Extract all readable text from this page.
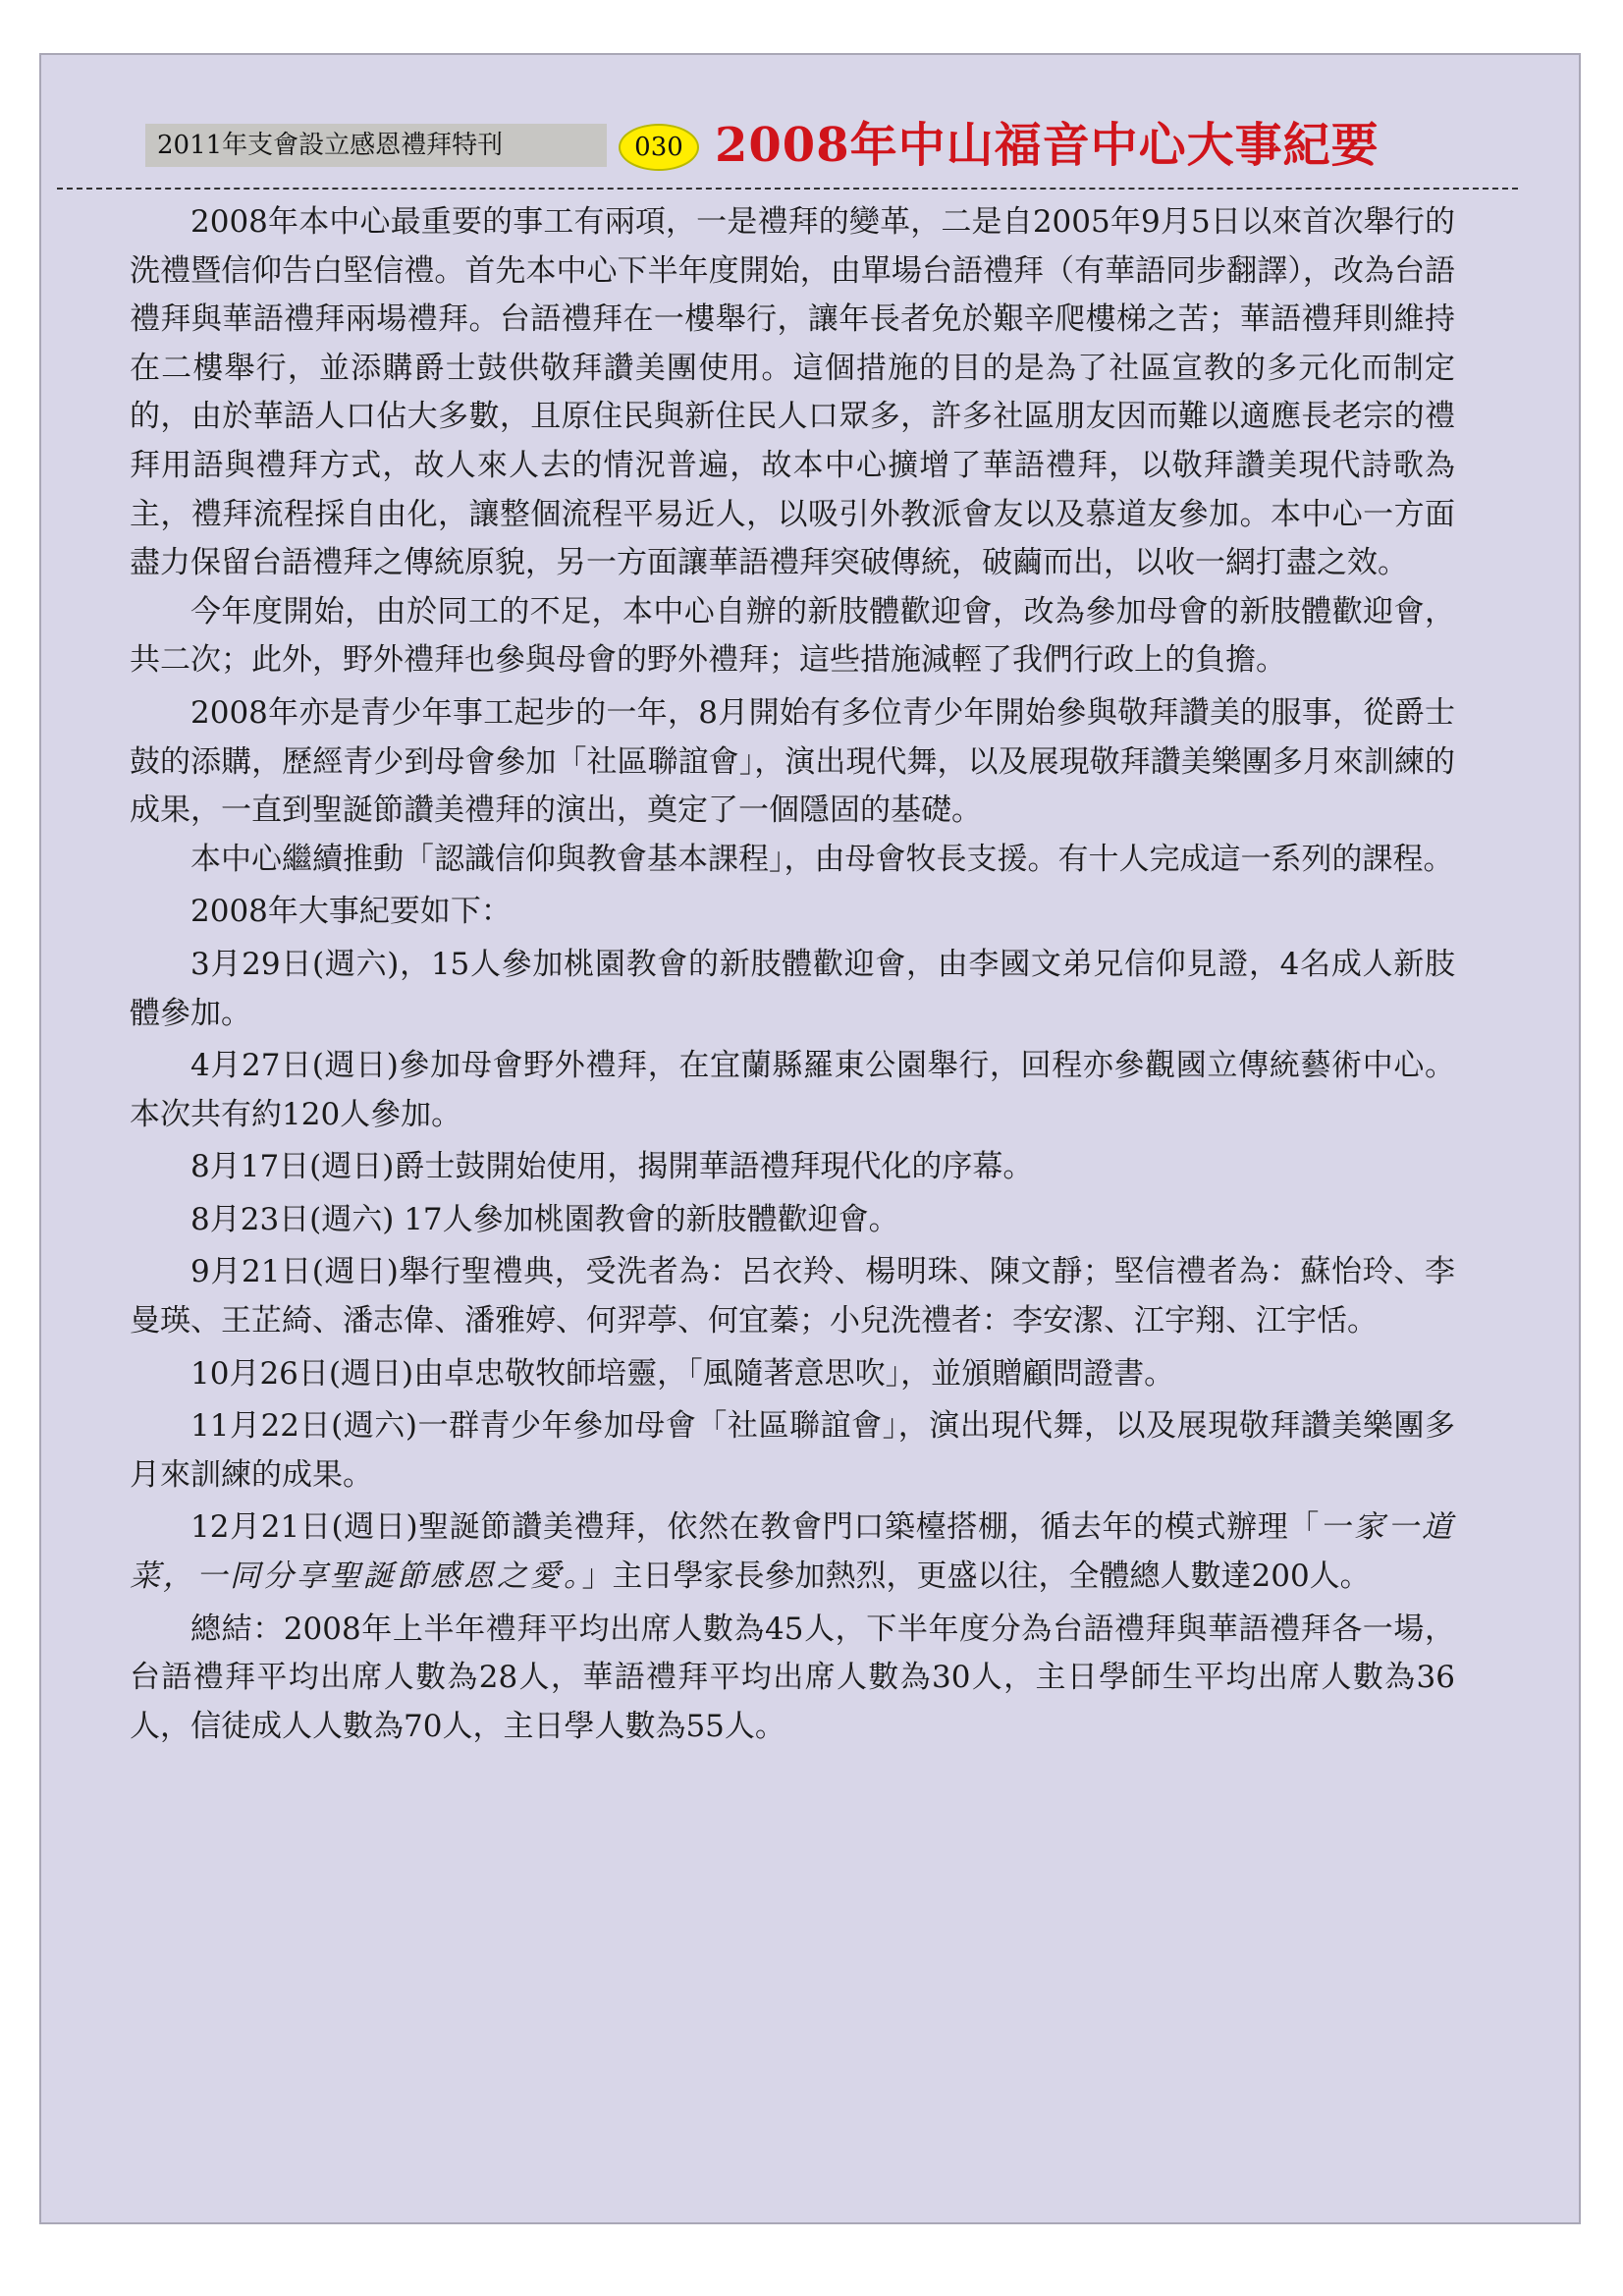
2011年支會設立感恩禮拜特刊	030 2008年中山福音中心大事紀要

2008年本中心最重要的事工有兩項，一是禮拜的變革，二是自2005年9月5日以來首次舉行的洗禮暨信仰告白堅信禮。首先本中心下半年度開始，由單場台語禮拜（有華語同步翻譯），改為台語禮拜與華語禮拜兩場禮拜。台語禮拜在一樓舉行，讓年長者免於艱辛爬樓梯之苦；華語禮拜則維持在二樓舉行，並添購爵士鼓供敬拜讚美團使用。這個措施的目的是為了社區宣教的多元化而制定的，由於華語人口佔大多數，且原住民與新住民人口眾多，許多社區朋友因而難以適應長老宗的禮拜用語與禮拜方式，故人來人去的情況普遍，故本中心擴增了華語禮拜，以敬拜讚美現代詩歌為主，禮拜流程採自由化，讓整個流程平易近人，以吸引外教派會友以及慕道友參加。本中心一方面盡力保留台語禮拜之傳統原貌，另一方面讓華語禮拜突破傳統，破繭而出，以收一網打盡之效。

今年度開始，由於同工的不足，本中心自辦的新肢體歡迎會，改為參加母會的新肢體歡迎會，共二次；此外，野外禮拜也參與母會的野外禮拜；這些措施減輕了我們行政上的負擔。

2008年亦是青少年事工起步的一年，8月開始有多位青少年開始參與敬拜讚美的服事，從爵士鼓的添購，歷經青少到母會參加「社區聯誼會」，演出現代舞，以及展現敬拜讚美樂團多月來訓練的成果，一直到聖誕節讚美禮拜的演出，奠定了一個隱固的基礎。

本中心繼續推動「認識信仰與教會基本課程」，由母會牧長支援。有十人完成這一系列的課程。

2008年大事紀要如下：

3月29日(週六)，15人參加桃園教會的新肢體歡迎會，由李國文弟兄信仰見證，4名成人新肢體參加。

4月27日(週日)參加母會野外禮拜，在宜蘭縣羅東公園舉行，回程亦參觀國立傳統藝術中心。本次共有約120人參加。

8月17日(週日)爵士鼓開始使用，揭開華語禮拜現代化的序幕。

8月23日(週六) 17人參加桃園教會的新肢體歡迎會。

9月21日(週日)舉行聖禮典，受洗者為：呂衣羚、楊明珠、陳文靜；堅信禮者為：蘇怡玲、李曼瑛、王芷綺、潘志偉、潘雅婷、何羿葶、何宜蓁；小兒洗禮者：李安潔、江宇翔、江宇恬。

10月26日(週日)由卓忠敬牧師培靈，「風隨著意思吹」，並頒贈顧問證書。

11月22日(週六)一群青少年參加母會「社區聯誼會」，演出現代舞，以及展現敬拜讚美樂團多月來訓練的成果。

12月21日(週日)聖誕節讚美禮拜，依然在教會門口築檯搭棚，循去年的模式辦理「一家一道菜，一同分享聖誕節感恩之愛。」主日學家長參加熱烈，更盛以往，全體總人數達200人。

總結：2008年上半年禮拜平均出席人數為45人，下半年度分為台語禮拜與華語禮拜各一場，台語禮拜平均出席人數為28人，華語禮拜平均出席人數為30人，主日學師生平均出席人數為36人，信徒成人人數為70人，主日學人數為55人。
